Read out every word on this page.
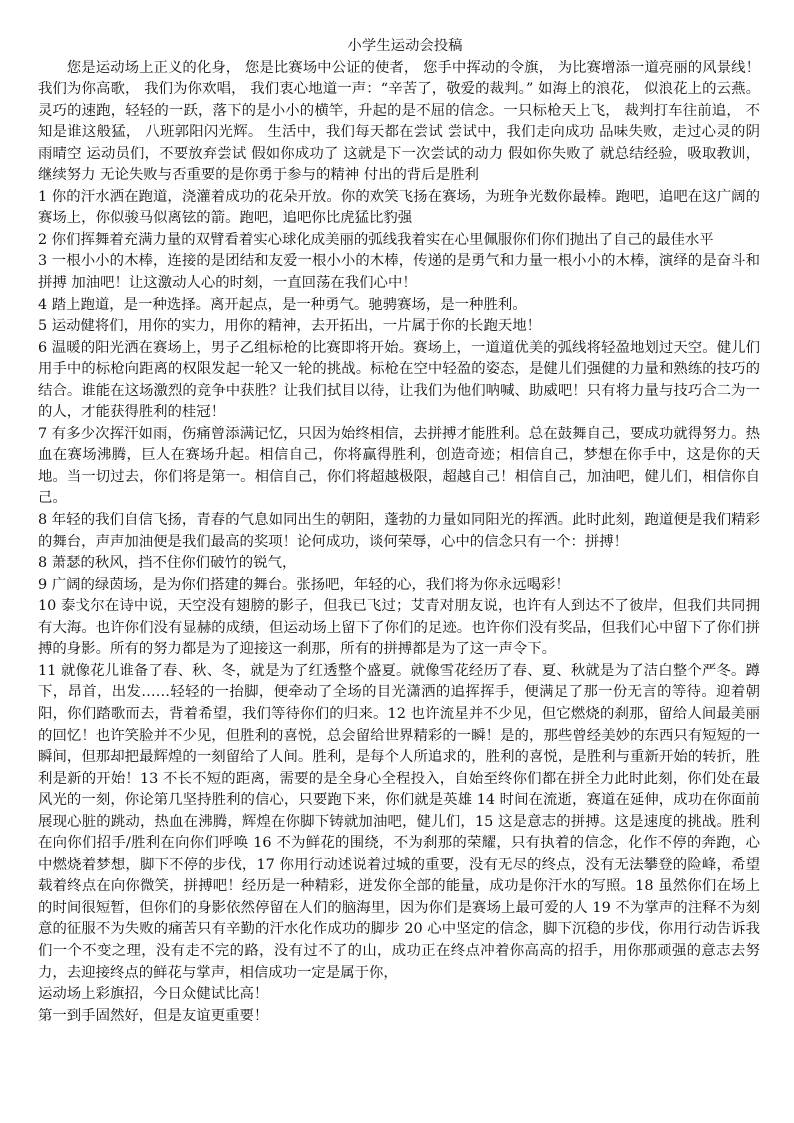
小学生运动会投稿

您是运动场上正义的化身， 您是比赛场中公证的使者， 您手中挥动的令旗， 为比赛增添一道亮丽的风景线！ 我们为你高歌， 我们为你欢唱， 我们衷心地道一声：“辛苦了，敬爱的裁判。” 如海上的浪花， 似浪花上的云燕。灵巧的速跑，轻轻的一跃，落下的是小小的横竿，升起的是不屈的信念。一只标枪天上飞， 裁判打车往前追， 不知是谁这般猛， 八班郭阳闪光辉。 生活中，我们每天都在尝试 尝试中，我们走向成功 品味失败，走过心灵的阴雨晴空 运动员们，不要放弃尝试 假如你成功了 这就是下一次尝试的动力 假如你失败了 就总结经验，吸取教训，继续努力 无论失败与否重要的是你勇于参与的精神 付出的背后是胜利

1 你的汗水洒在跑道，浇灌着成功的花朵开放。你的欢笑飞扬在赛场，为班争光数你最棒。跑吧，追吧在这广阔的赛场上，你似骏马似离铉的箭。跑吧，追吧你比虎猛比豹强

2 你们挥舞着充满力量的双臂看着实心球化成美丽的弧线我着实在心里佩服你们你们抛出了自己的最佳水平

3 一根小小的木棒，连接的是团结和友爱一根小小的木棒，传递的是勇气和力量一根小小的木棒，演绎的是奋斗和拼搏 加油吧！让这激动人心的时刻，一直回荡在我们心中！

4 踏上跑道，是一种选择。离开起点，是一种勇气。驰骋赛场，是一种胜利。

5 运动健将们，用你的实力，用你的精神，去开拓出，一片属于你的长跑天地！

6 温暖的阳光洒在赛场上，男子乙组标枪的比赛即将开始。赛场上，一道道优美的弧线将轻盈地划过天空。健儿们用手中的标枪向距离的权限发起一轮又一轮的挑战。标枪在空中轻盈的姿态，是健儿们强健的力量和熟练的技巧的结合。谁能在这场激烈的竞争中获胜？让我们拭目以待，让我们为他们呐喊、助威吧！只有将力量与技巧合二为一的人，才能获得胜利的桂冠！

7 有多少次挥汗如雨，伤痛曾添满记忆，只因为始终相信，去拼搏才能胜利。总在鼓舞自己，要成功就得努力。热血在赛场沸腾，巨人在赛场升起。相信自己，你将赢得胜利，创造奇迹；相信自己，梦想在你手中，这是你的天地。当一切过去，你们将是第一。相信自己，你们将超越极限，超越自己！相信自己，加油吧，健儿们，相信你自己。

8 年轻的我们自信飞扬，青春的气息如同出生的朝阳，蓬勃的力量如同阳光的挥洒。此时此刻，跑道便是我们精彩的舞台，声声加油便是我们最高的奖项！论何成功，谈何荣辱，心中的信念只有一个：拼搏！

8 萧瑟的秋风，挡不住你们破竹的锐气，

9 广阔的绿茵场，是为你们搭建的舞台。张扬吧，年轻的心，我们将为你永远喝彩！

10 泰戈尔在诗中说，天空没有翅膀的影子，但我已飞过；艾青对朋友说，也许有人到达不了彼岸，但我们共同拥有大海。也许你们没有显赫的成绩，但运动场上留下了你们的足迹。也许你们没有奖品，但我们心中留下了你们拼搏的身影。所有的努力都是为了迎接这一刹那，所有的拼搏都是为了这一声令下。

11 就像花儿谁备了春、秋、冬，就是为了红透整个盛夏。就像雪花经历了春、夏、秋就是为了洁白整个严冬。蹲下，昂首，出发……轻轻的一抬脚，便牵动了全场的目光潇洒的追挥挥手，便满足了那一份无言的等待。迎着朝阳，你们踏歌而去，背着希望，我们等待你们的归来。12 也许流星并不少见，但它燃烧的刹那，留给人间最美丽的回忆！也许笑脸并不少见，但胜利的喜悦，总会留给世界精彩的一瞬！是的，那些曾经美妙的东西只有短短的一瞬间，但那却把最辉煌的一刻留给了人间。胜利，是每个人所追求的，胜利的喜悦，是胜利与重新开始的转折，胜利是新的开始！13 不长不短的距离，需要的是全身心全程投入，自始至终你们都在拼全力此时此刻，你们处在最风光的一刻，你论第几坚持胜利的信心，只要跑下来，你们就是英雄 14 时间在流逝，赛道在延伸，成功在你面前展现心脏的跳动，热血在沸腾，辉煌在你脚下铸就加油吧，健儿们，15 这是意志的拼搏。这是速度的挑战。胜利在向你们招手/胜利在向你们呼唤 16 不为鲜花的围绕，不为刹那的荣耀，只有执着的信念，化作不停的奔跑，心中燃烧着梦想，脚下不停的步伐，17 你用行动述说着过城的重要，没有无尽的终点，没有无法攀登的险峰，希望载着终点在向你微笑，拼搏吧！经历是一种精彩，迸发你全部的能量，成功是你汗水的写照。18 虽然你们在场上的时间很短暂，但你们的身影依然停留在人们的脑海里，因为你们是赛场上最可爱的人 19 不为掌声的注释不为刻意的征服不为失败的痛苦只有辛勤的汗水化作成功的脚步 20 心中坚定的信念，脚下沉稳的步伐，你用行动告诉我们一个不变之理，没有走不完的路，没有过不了的山，成功正在终点冲着你高高的招手，用你那顽强的意志去努力，去迎接终点的鲜花与掌声，相信成功一定是属于你，

运动场上彩旗招，今日众健试比高！

第一到手固然好，但是友谊更重要！
